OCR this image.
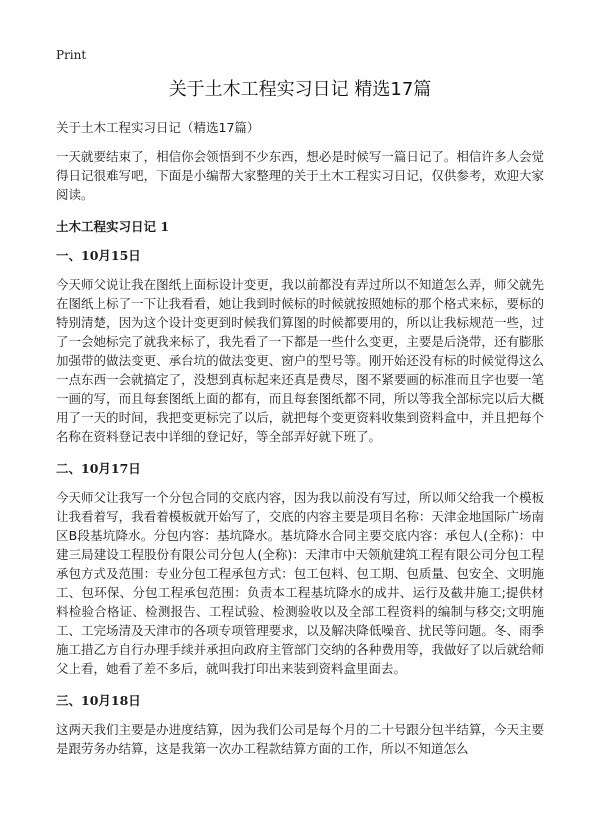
Print
关于土木工程实习日记 精选17篇

关于土木工程实习日记（精选17篇）

一天就要结束了，相信你会领悟到不少东西，想必是时候写一篇日记了。相信许多人会觉得日记很难写吧，下面是小编帮大家整理的关于土木工程实习日记，仅供参考，欢迎大家阅读。

土木工程实习日记 1

一、10月15日

今天师父说让我在图纸上面标设计变更，我以前都没有弄过所以不知道怎么弄，师父就先在图纸上标了一下让我看看，她让我到时候标的时候就按照她标的那个格式来标，要标的特别清楚，因为这个设计变更到时候我们算图的时候都要用的，所以让我标规范一些，过了一会她标完了就我来标了，我先看了一下都是一些什么变更，主要是后浇带，还有膨胀加强带的做法变更、承台坑的做法变更、窗户的型号等。刚开始还没有标的时候觉得这么一点东西一会就搞定了，没想到真标起来还真是费尽，图不紧要画的标准而且字也要一笔一画的写，而且每套图纸上面的都有，而且每套图纸都不同，所以等我全部标完以后大概用了一天的时间，我把变更标完了以后，就把每个变更资料收集到资料盒中，并且把每个名称在资料登记表中详细的登记好，等全部弄好就下班了。

二、10月17日

今天师父让我写一个分包合同的交底内容，因为我以前没有写过，所以师父给我一个模板让我看着写，我看着模板就开始写了，交底的内容主要是项目名称：天津金地国际广场南区B段基坑降水。分包内容：基坑降水。基坑降水合同主要交底内容：承包人(全称)：中建三局建设工程股份有限公司分包人(全称)：天津市中天领航建筑工程有限公司分包工程承包方式及范围：专业分包工程承包方式：包工包料、包工期、包质量、包安全、文明施工、包环保、分包工程承包范围：负责本工程基坑降水的成井、运行及截井施工;提供材料检验合格证、检测报告、工程试验、检测验收以及全部工程资料的编制与移交;文明施工、工完场清及天津市的各项专项管理要求，以及解决降低噪音、扰民等问题。冬、雨季施工措乙方自行办理手续并承担向政府主管部门交纳的各种费用等，我做好了以后就给师父上看，她看了差不多后，就叫我打印出来装到资料盒里面去。

三、10月18日

这两天我们主要是办进度结算，因为我们公司是每个月的二十号跟分包半结算，今天主要是跟劳务办结算，这是我第一次办工程款结算方面的工作，所以不知道怎么
